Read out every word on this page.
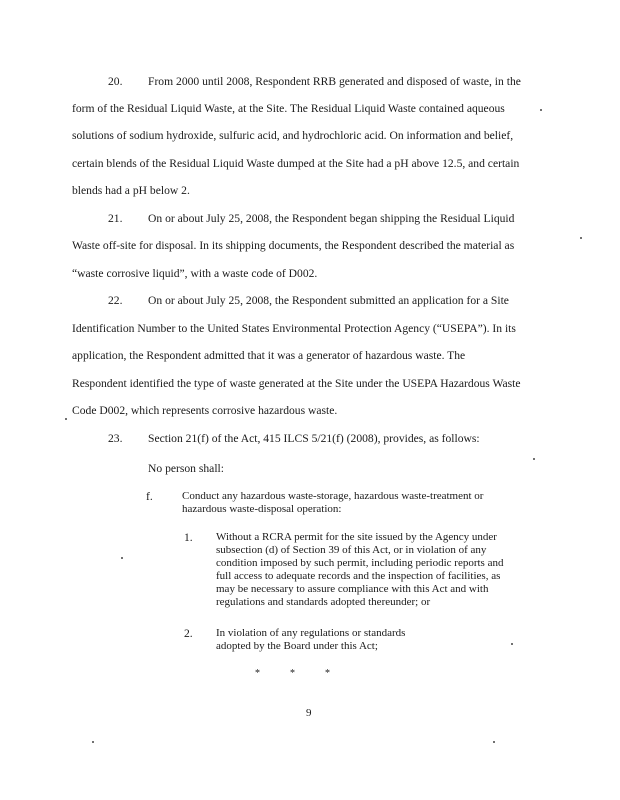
20. From 2000 until 2008, Respondent RRB generated and disposed of waste, in the
form of the Residual Liquid Waste, at the Site. The Residual Liquid Waste contained aqueous
solutions of sodium hydroxide, sulfuric acid, and hydrochloric acid. On information and belief,
certain blends of the Residual Liquid Waste dumped at the Site had a pH above 12.5, and certain
blends had a pH below 2.
21. On or about July 25, 2008, the Respondent began shipping the Residual Liquid
Waste off-site for disposal. In its shipping documents, the Respondent described the material as
“waste corrosive liquid”, with a waste code of D002.
22. On or about July 25, 2008, the Respondent submitted an application for a Site
Identification Number to the United States Environmental Protection Agency (“USEPA”). In its
application, the Respondent admitted that it was a generator of hazardous waste. The
Respondent identified the type of waste generated at the Site under the USEPA Hazardous Waste
Code D002, which represents corrosive hazardous waste.
23. Section 21(f) of the Act, 415 ILCS 5/21(f) (2008), provides, as follows:
No person shall:
f.	Conduct any hazardous waste-storage, hazardous waste-treatment or
hazardous waste-disposal operation:
1. Without a RCRA permit for the site issued by the Agency under
subsection (d) of Section 39 of this Act, or in violation of any
condition imposed by such permit, including periodic reports and
full access to adequate records and the inspection of facilities, as
may be necessary to assure compliance with this Act and with
regulations and standards adopted thereunder; or
2. In violation of any regulations or standards
adopted by the Board under this Act;
*	*	*
9
